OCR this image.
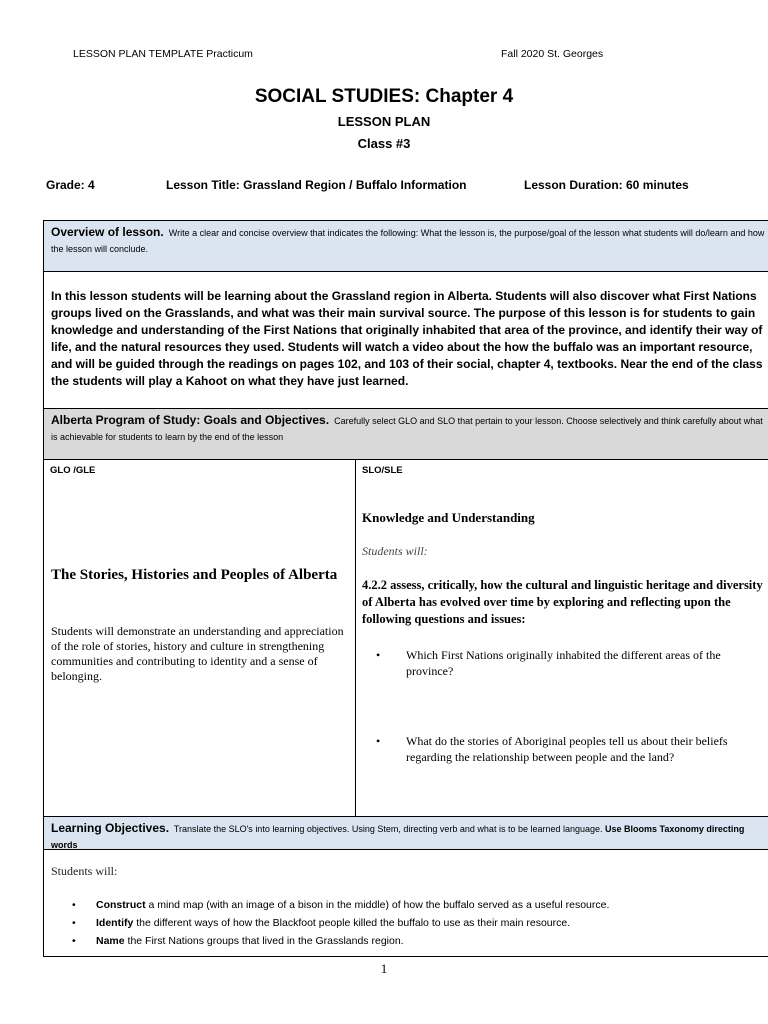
LESSON PLAN TEMPLATE Practicum	Fall 2020 St. Georges
SOCIAL STUDIES: Chapter 4
LESSON PLAN
Class #3
Grade: 4	Lesson Title: Grassland Region / Buffalo Information	Lesson Duration: 60 minutes
Overview of lesson. Write a clear and concise overview that indicates the following: What the lesson is, the purpose/goal of the lesson what students will do/learn and how the lesson will conclude.
In this lesson students will be learning about the Grassland region in Alberta. Students will also discover what First Nations groups lived on the Grasslands, and what was their main survival source. The purpose of this lesson is for students to gain knowledge and understanding of the First Nations that originally inhabited that area of the province, and identify their way of life, and the natural resources they used. Students will watch a video about the how the buffalo was an important resource, and will be guided through the readings on pages 102, and 103 of their social, chapter 4, textbooks. Near the end of the class the students will play a Kahoot on what they have just learned.
Alberta Program of Study: Goals and Objectives. Carefully select GLO and SLO that pertain to your lesson. Choose selectively and think carefully about what is achievable for students to learn by the end of the lesson
GLO /GLE
The Stories, Histories and Peoples of Alberta
Students will demonstrate an understanding and appreciation of the role of stories, history and culture in strengthening communities and contributing to identity and a sense of belonging.
SLO/SLE
Knowledge and Understanding
Students will:
4.2.2 assess, critically, how the cultural and linguistic heritage and diversity of Alberta has evolved over time by exploring and reflecting upon the following questions and issues:
•	Which First Nations originally inhabited the different areas of the province?
•	What do the stories of Aboriginal peoples tell us about their beliefs regarding the relationship between people and the land?
Learning Objectives. Translate the SLO's into learning objectives. Using Stem, directing verb and what is to be learned language. Use Blooms Taxonomy directing words
Students will:
• Construct a mind map (with an image of a bison in the middle) of how the buffalo served as a useful resource.
• Identify the different ways of how the Blackfoot people killed the buffalo to use as their main resource.
• Name the First Nations groups that lived in the Grasslands region.
1
